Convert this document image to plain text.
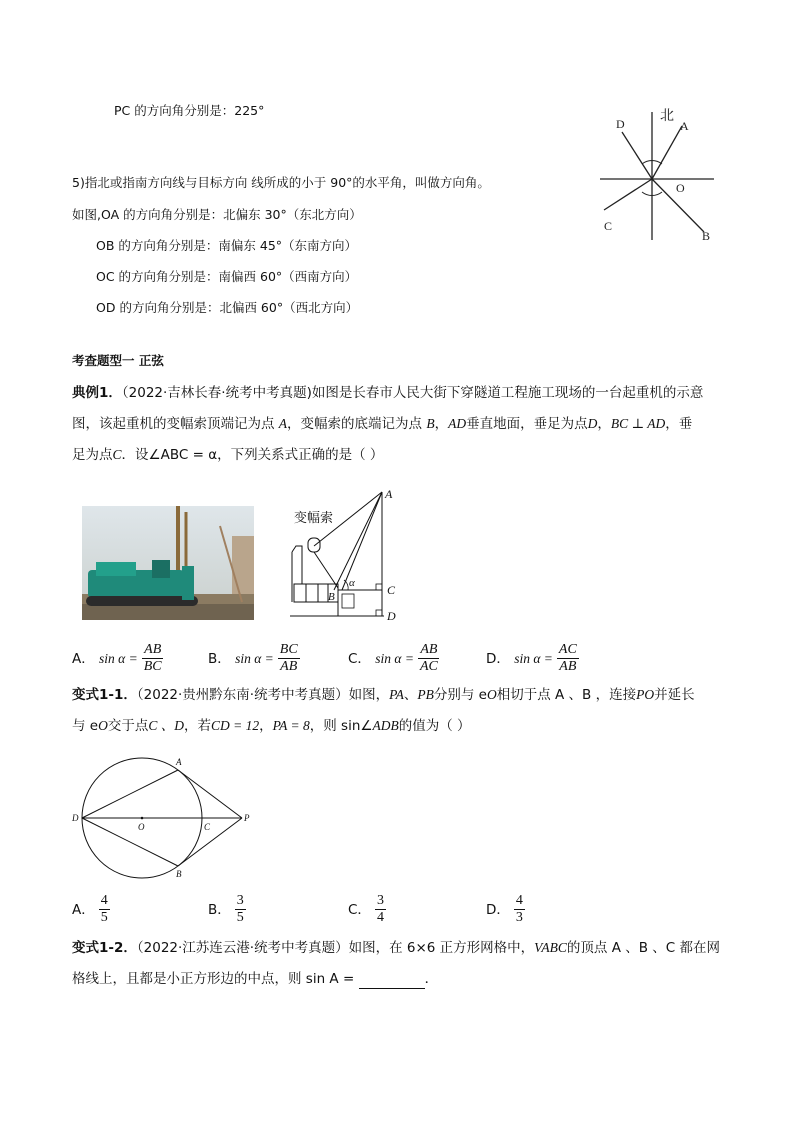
PC 的方向角分别是：225°
5)指北或指南方向线与目标方向 线所成的小于 90°的水平角，叫做方向角。
如图,OA 的方向角分别是：北偏东 30°（东北方向）
OB 的方向角分别是：南偏东 45°（东南方向）
OC 的方向角分别是：南偏西 60°（西南方向）
OD 的方向角分别是：北偏西 60°（西北方向）
北
D	A
O
C
B
考查题型一 正弦
典例1．（2022·吉林长春·统考中考真题)如图是长春市人民大街下穿隧道工程施工现场的一台起重机的示意
图，该起重机的变幅索顶端记为点 A，变幅索的底端记为点 B，AD垂直地面，垂足为点D，BC ⊥ AD，垂
足为点C．设∠ABC = α，下列关系式正确的是（ ）
变幅索
A
C
D
B
α
A．
$\sin \alpha = \frac{AB}{BC}$	B．
$\sin \alpha = \frac{BC}{AB}$	C．
$\sin \alpha = \frac{AB}{AC}$	D．
$\sin \alpha = \frac{AC}{AB}$
变式1-1．（2022·贵州黔东南·统考中考真题）如图，PA、PB分别与 eO相切于点 A 、B ，连接PO并延长
与 eO交于点C 、D，若CD = 12，PA = 8，则 sin∠ADB的值为（ ）
A
D
O	C
P
B
A． $\frac{4}{5}$	B． $\frac{3}{5}$	C． $\frac{3}{4}$	D． $\frac{4}{3}$
变式1-2．（2022·江苏连云港·统考中考真题）如图，在 6×6 正方形网格中，VABC的顶点 A 、B 、C 都在网
格线上，且都是小正方形边的中点，则 sin A =	．
